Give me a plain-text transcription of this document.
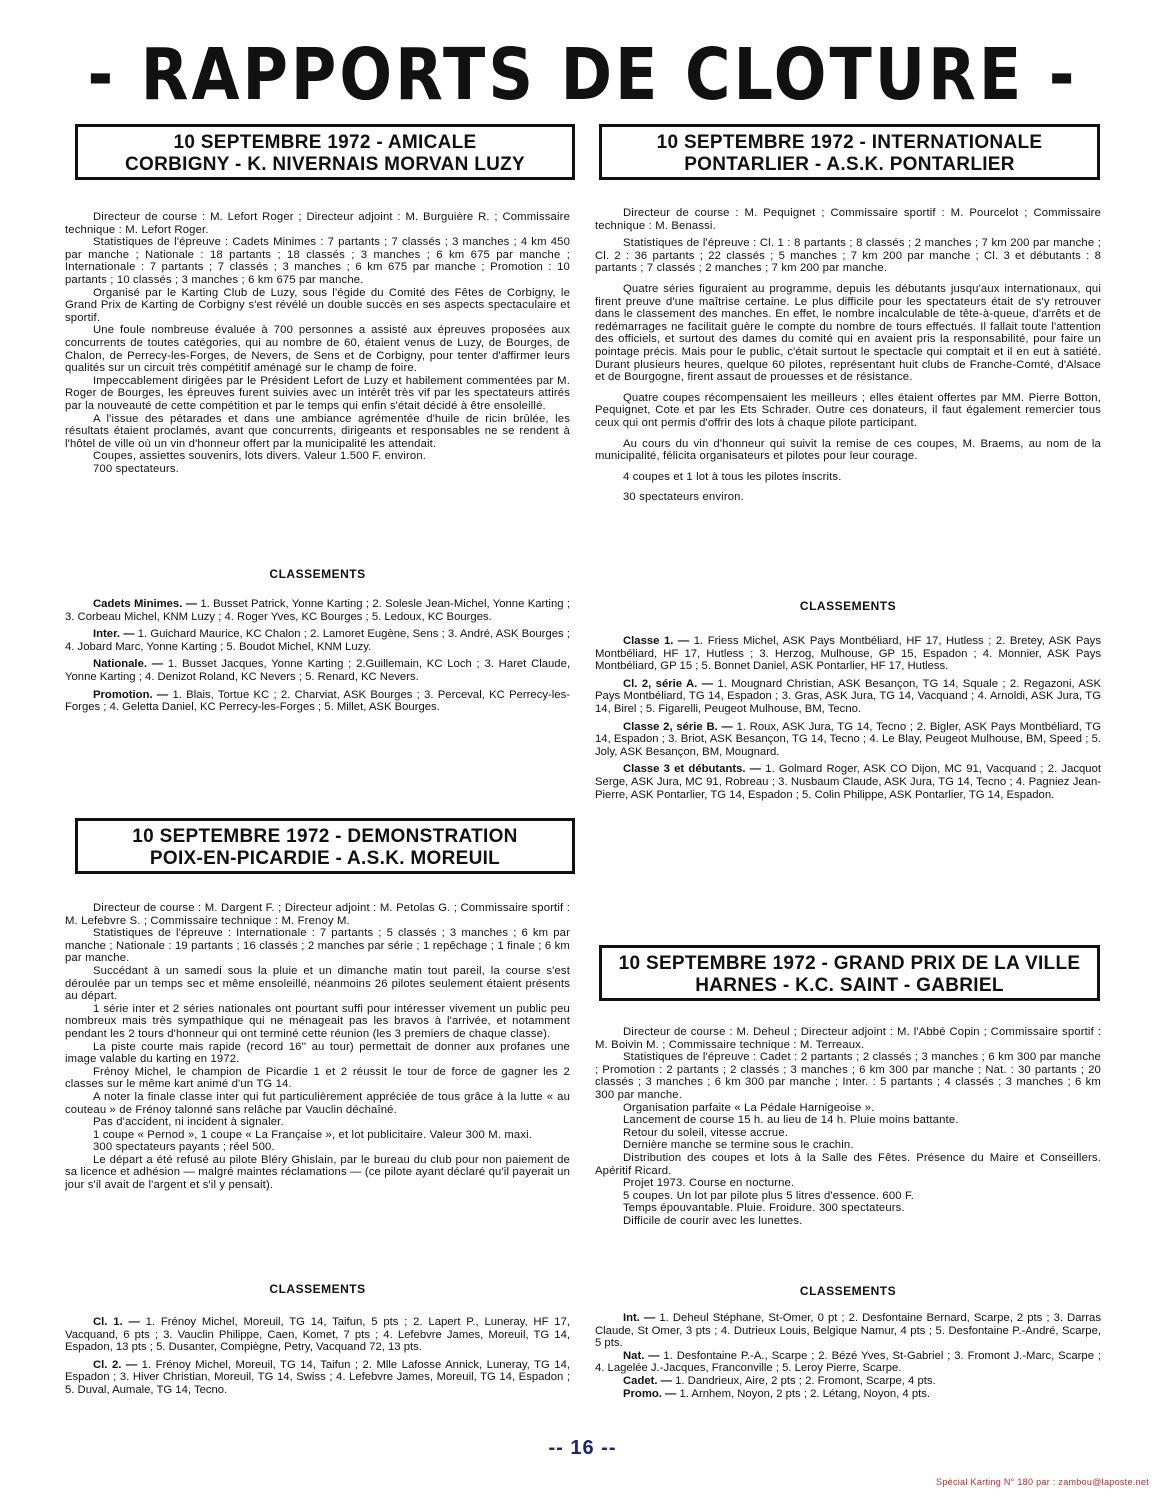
- RAPPORTS DE CLOTURE -
10 SEPTEMBRE 1972 - AMICALE
CORBIGNY - K. NIVERNAIS MORVAN LUZY

Directeur de course : M. Lefort Roger ; Directeur adjoint : M. Burguière R. ; Commissaire technique : M. Lefort Roger.

Statistiques de l'épreuve : Cadets Minimes : 7 partants ; 7 classés ; 3 manches ; 4 km 450 par manche ; Nationale : 18 partants ; 18 classés ; 3 manches ; 6 km 675 par manche ; Internationale : 7 partants ; 7 classés ; 3 manches ; 6 km 675 par manche ; Promotion : 10 partants ; 10 classés ; 3 manches ; 6 km 675 par manche.

Organisé par le Karting Club de Luzy, sous l'égide du Comité des Fêtes de Corbigny, le Grand Prix de Karting de Corbigny s'est révélé un double succès en ses aspects spectaculaire et sportif.

Une foule nombreuse évaluée à 700 personnes a assisté aux épreuves proposées aux concurrents de toutes catégories, qui au nombre de 60, étaient venus de Luzy, de Bourges, de Chalon, de Perrecy-les-Forges, de Nevers, de Sens et de Corbigny, pour tenter d'affirmer leurs qualités sur un circuit très compétitif aménagé sur le champ de foire.

Impeccablement dirigées par le Président Lefort de Luzy et habilement commentées par M. Roger de Bourges, les épreuves furent suivies avec un intérêt très vif par les spectateurs attirés par la nouveauté de cette compétition et par le temps qui enfin s'était décidé à être ensoleillé.

A l'issue des pétarades et dans une ambiance agrémentée d'huile de ricin brûlée, les résultats étaient proclamés, avant que concurrents, dirigeants et responsables ne se rendent à l'hôtel de ville où un vin d'honneur offert par la municipalité les attendait.

Coupes, assiettes souvenirs, lots divers. Valeur 1.500 F. environ.

700 spectateurs.

CLASSEMENTS

Cadets Minimes. — 1. Busset Patrick, Yonne Karting ; 2. Solesle Jean-Michel, Yonne Karting ; 3. Corbeau Michel, KNM Luzy ; 4. Roger Yves, KC Bourges ; 5. Ledoux, KC Bourges.

Inter. — 1. Guichard Maurice, KC Chalon ; 2. Lamoret Eugène, Sens ; 3. André, ASK Bourges ; 4. Jobard Marc, Yonne Karting ; 5. Boudot Michel, KNM Luzy.

Nationale. — 1. Busset Jacques, Yonne Karting ; 2.Guillemain, KC Loch ; 3. Haret Claude, Yonne Karting ; 4. Denizot Roland, KC Nevers ; 5. Renard, KC Nevers.

Promotion. — 1. Blais, Tortue KC ; 2. Charviat, ASK Bourges ; 3. Perceval, KC Perrecy-les-Forges ; 4. Geletta Daniel, KC Perrecy-les-Forges ; 5. Millet, ASK Bourges.

10 SEPTEMBRE 1972 - DEMONSTRATION
POIX-EN-PICARDIE - A.S.K. MOREUIL

Directeur de course : M. Dargent F. ; Directeur adjoint : M. Petolas G. ; Commissaire sportif : M. Lefebvre S. ; Commissaire technique : M. Frenoy M.

Statistiques de l'épreuve : Internationale : 7 partants ; 5 classés ; 3 manches ; 6 km par manche ; Nationale : 19 partants ; 16 classés ; 2 manches par série ; 1 repêchage ; 1 finale ; 6 km par manche.

Succédant à un samedi sous la pluie et un dimanche matin tout pareil, la course s'est déroulée par un temps sec et même ensoleillé, néanmoins 26 pilotes seulement étaient présents au départ.

1 série inter et 2 séries nationales ont pourtant suffi pour intéresser vivement un public peu nombreux mais très sympathique qui ne ménageait pas les bravos à l'arrivée, et notamment pendant les 2 tours d'honneur qui ont terminé cette réunion (les 3 premiers de chaque classe).

La piste courte mais rapide (record 16'' au tour) permettait de donner aux profanes une image valable du karting en 1972.

Frénoy Michel, le champion de Picardie 1 et 2 réussit le tour de force de gagner les 2 classes sur le même kart animé d'un TG 14.

A noter la finale classe inter qui fut particulièrement appréciée de tous grâce à la lutte « au couteau » de Frénoy talonné sans relâche par Vauclin déchaîné.

Pas d'accident, ni incident à signaler.

1 coupe « Pernod », 1 coupe « La Française », et lot publicitaire. Valeur 300 M. maxi.

300 spectateurs payants ; réel 500.

Le départ a été refusé au pilote Bléry Ghislain, par le bureau du club pour non paiement de sa licence et adhésion — malgré maintes réclamations — (ce pilote ayant déclaré qu'il payerait un jour s'il avait de l'argent et s'il y pensait).

CLASSEMENTS

Cl. 1. — 1. Frénoy Michel, Moreuil, TG 14, Taifun, 5 pts ; 2. Lapert P., Luneray, HF 17, Vacquand, 6 pts ; 3. Vauclin Philippe, Caen, Komet, 7 pts ; 4. Lefebvre James, Moreuil, TG 14, Espadon, 13 pts ; 5. Dusanter, Compiègne, Petry, Vacquand 72, 13 pts.

Cl. 2. — 1. Frénoy Michel, Moreuil, TG 14, Taifun ; 2. Mlle Lafosse Annick, Luneray, TG 14, Espadon ; 3. Hiver Christian, Moreuil, TG 14, Swiss ; 4. Lefebvre James, Moreuil, TG 14, Espadon ; 5. Duval, Aumale, TG 14, Tecno.

10 SEPTEMBRE 1972 - INTERNATIONALE
PONTARLIER - A.S.K. PONTARLIER

Directeur de course : M. Pequignet ; Commissaire sportif : M. Pourcelot ; Commissaire technique : M. Benassi.

Statistiques de l'épreuve : Cl. 1 : 8 partants ; 8 classés ; 2 manches ; 7 km 200 par manche ; Cl. 2 : 36 partants ; 22 classés ; 5 manches ; 7 km 200 par manche ; Cl. 3 et débutants : 8 partants ; 7 classés ; 2 manches ; 7 km 200 par manche.

Quatre séries figuraient au programme, depuis les débutants jusqu'aux internationaux, qui firent preuve d'une maîtrise certaine. Le plus difficile pour les spectateurs était de s'y retrouver dans le classement des manches. En effet, le nombre incalculable de tête-à-queue, d'arrêts et de redémarrages ne facilitait guère le compte du nombre de tours effectués. Il fallait toute l'attention des officiels, et surtout des dames du comité qui en avaient pris la responsabilité, pour faire un pointage précis. Mais pour le public, c'était surtout le spectacle qui comptait et il en eut à satiété. Durant plusieurs heures, quelque 60 pilotes, représentant huit clubs de Franche-Comté, d'Alsace et de Bourgogne, firent assaut de prouesses et de résistance.

Quatre coupes récompensaient les meilleurs ; elles étaient offertes par MM. Pierre Botton, Pequignet, Cote et par les Ets Schrader. Outre ces donateurs, il faut également remercier tous ceux qui ont permis d'offrir des lots à chaque pilote participant.

Au cours du vin d'honneur qui suivit la remise de ces coupes, M. Braems, au nom de la municipalité, félicita organisateurs et pilotes pour leur courage.

4 coupes et 1 lot à tous les pilotes inscrits.

30 spectateurs environ.

CLASSEMENTS

Classe 1. — 1. Friess Michel, ASK Pays Montbéliard, HF 17, Hutless ; 2. Bretey, ASK Pays Montbéliard, HF 17, Hutless ; 3. Herzog, Mulhouse, GP 15, Espadon ; 4. Monnier, ASK Pays Montbéliard, GP 15 ; 5. Bonnet Daniel, ASK Pontarlier, HF 17, Hutless.

Cl. 2, série A. — 1. Mougnard Christian, ASK Besançon, TG 14, Squale ; 2. Regazoni, ASK Pays Montbéliard, TG 14, Espadon ; 3. Gras, ASK Jura, TG 14, Vacquand ; 4. Arnoldi, ASK Jura, TG 14, Birel ; 5. Figarelli, Peugeot Mulhouse, BM, Tecno.

Classe 2, série B. — 1. Roux, ASK Jura, TG 14, Tecno ; 2. Bigler, ASK Pays Montbéliard, TG 14, Espadon ; 3. Briot, ASK Besançon, TG 14, Tecno ; 4. Le Blay, Peugeot Mulhouse, BM, Speed ; 5. Joly, ASK Besançon, BM, Mougnard.

Classe 3 et débutants. — 1. Golmard Roger, ASK CO Dijon, MC 91, Vacquand ; 2. Jacquot Serge, ASK Jura, MC 91, Robreau ; 3. Nusbaum Claude, ASK Jura, TG 14, Tecno ; 4. Pagniez Jean-Pierre, ASK Pontarlier, TG 14, Espadon ; 5. Colin Philippe, ASK Pontarlier, TG 14, Espadon.

10 SEPTEMBRE 1972 - GRAND PRIX DE LA VILLE
HARNES - K.C. SAINT - GABRIEL

Directeur de course : M. Deheul ; Directeur adjoint : M. l'Abbé Copin ; Commissaire sportif : M. Boivin M. ; Commissaire technique : M. Terreaux.

Statistiques de l'épreuve : Cadet : 2 partants ; 2 classés ; 3 manches ; 6 km 300 par manche ; Promotion : 2 partants ; 2 classés ; 3 manches ; 6 km 300 par manche ; Nat. : 30 partants ; 20 classés ; 3 manches ; 6 km 300 par manche ; Inter. : 5 partants ; 4 classés ; 3 manches ; 6 km 300 par manche.

Organisation parfaite « La Pédale Harnigeoise ».

Lancement de course 15 h. au lieu de 14 h. Pluie moins battante.

Retour du soleil, vitesse accrue.

Dernière manche se termine sous le crachin.

Distribution des coupes et lots à la Salle des Fêtes. Présence du Maire et Conseillers. Apéritif Ricard.

Projet 1973. Course en nocturne.

5 coupes. Un lot par pilote plus 5 litres d'essence. 600 F.

Temps épouvantable. Pluie. Froidure. 300 spectateurs.

Difficile de courir avec les lunettes.

CLASSEMENTS

Int. — 1. Deheul Stéphane, St-Omer, 0 pt ; 2. Desfontaine Bernard, Scarpe, 2 pts ; 3. Darras Claude, St Omer, 3 pts ; 4. Dutrieux Louis, Belgique Namur, 4 pts ; 5. Desfontaine P.-André, Scarpe, 5 pts.

Nat. — 1. Desfontaine P.-A., Scarpe ; 2. Bézé Yves, St-Gabriel ; 3. Fromont J.-Marc, Scarpe ; 4. Lagelée J.-Jacques, Franconville ; 5. Leroy Pierre, Scarpe.

Cadet. — 1. Dandrieux, Aire, 2 pts ; 2. Fromont, Scarpe, 4 pts.

Promo. — 1. Arnhem, Noyon, 2 pts ; 2. Létang, Noyon, 4 pts.

-- 16 --
Spécial Karting N° 180 par : zambou@laposte.net
